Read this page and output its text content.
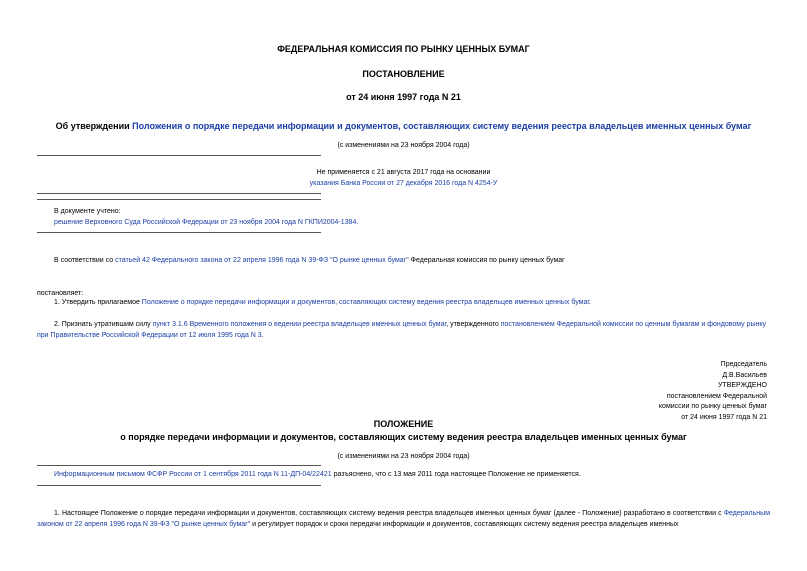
ФЕДЕРАЛЬНАЯ КОМИССИЯ ПО РЫНКУ ЦЕННЫХ БУМАГ
ПОСТАНОВЛЕНИЕ
от 24 июня 1997 года N 21
Об утверждении Положения о порядке передачи информации и документов, составляющих систему ведения реестра владельцев именных ценных бумаг
(с изменениями на 23 ноября 2004 года)
Не применяется с 21 августа 2017 года на основании
указания Банка России от 27 декабря 2016 года N 4254-У
В документе учтено:
решение Верховного Суда Российской Федерации от 23 ноября 2004 года N ГКПИ2004-1384.
В соответствии со статьей 42 Федерального закона от 22 апреля 1996 года N 39-ФЗ "О рынке ценных бумаг" Федеральная комиссия по рынку ценных бумаг
постановляет:
1. Утвердить прилагаемое Положение о порядке передачи информации и документов, составляющих систему ведения реестра владельцев именных ценных бумаг.
2. Признать утратившим силу пункт 3.1.6 Временного положения о ведении реестра владельцев именных ценных бумаг, утвержденного постановлением Федеральной комиссии по ценным бумагам и фондовому рынку при Правительстве Российской Федерации от 12 июля 1995 года N 3.
Председатель
Д.В.Васильев
УТВЕРЖДЕНО
постановлением Федеральной
комиссии по рынку ценных бумаг
от 24 июня 1997 года N 21
ПОЛОЖЕНИЕ
о порядке передачи информации и документов, составляющих систему ведения реестра владельцев именных ценных бумаг
(с изменениями на 23 ноября 2004 года)
Информационным письмом ФСФР России от 1 сентября 2011 года N 11-ДП-04/22421 разъяснено, что с 13 мая 2011 года настоящее Положение не применяется.
1. Настоящее Положение о порядке передачи информации и документов, составляющих систему ведения реестра владельцев именных ценных бумаг (далее - Положение) разработано в соответствии с Федеральным законом от 22 апреля 1996 года N 39-ФЗ "О рынке ценных бумаг" и регулирует порядок и сроки передачи информации и документов, составляющих систему ведения реестра владельцев именных
